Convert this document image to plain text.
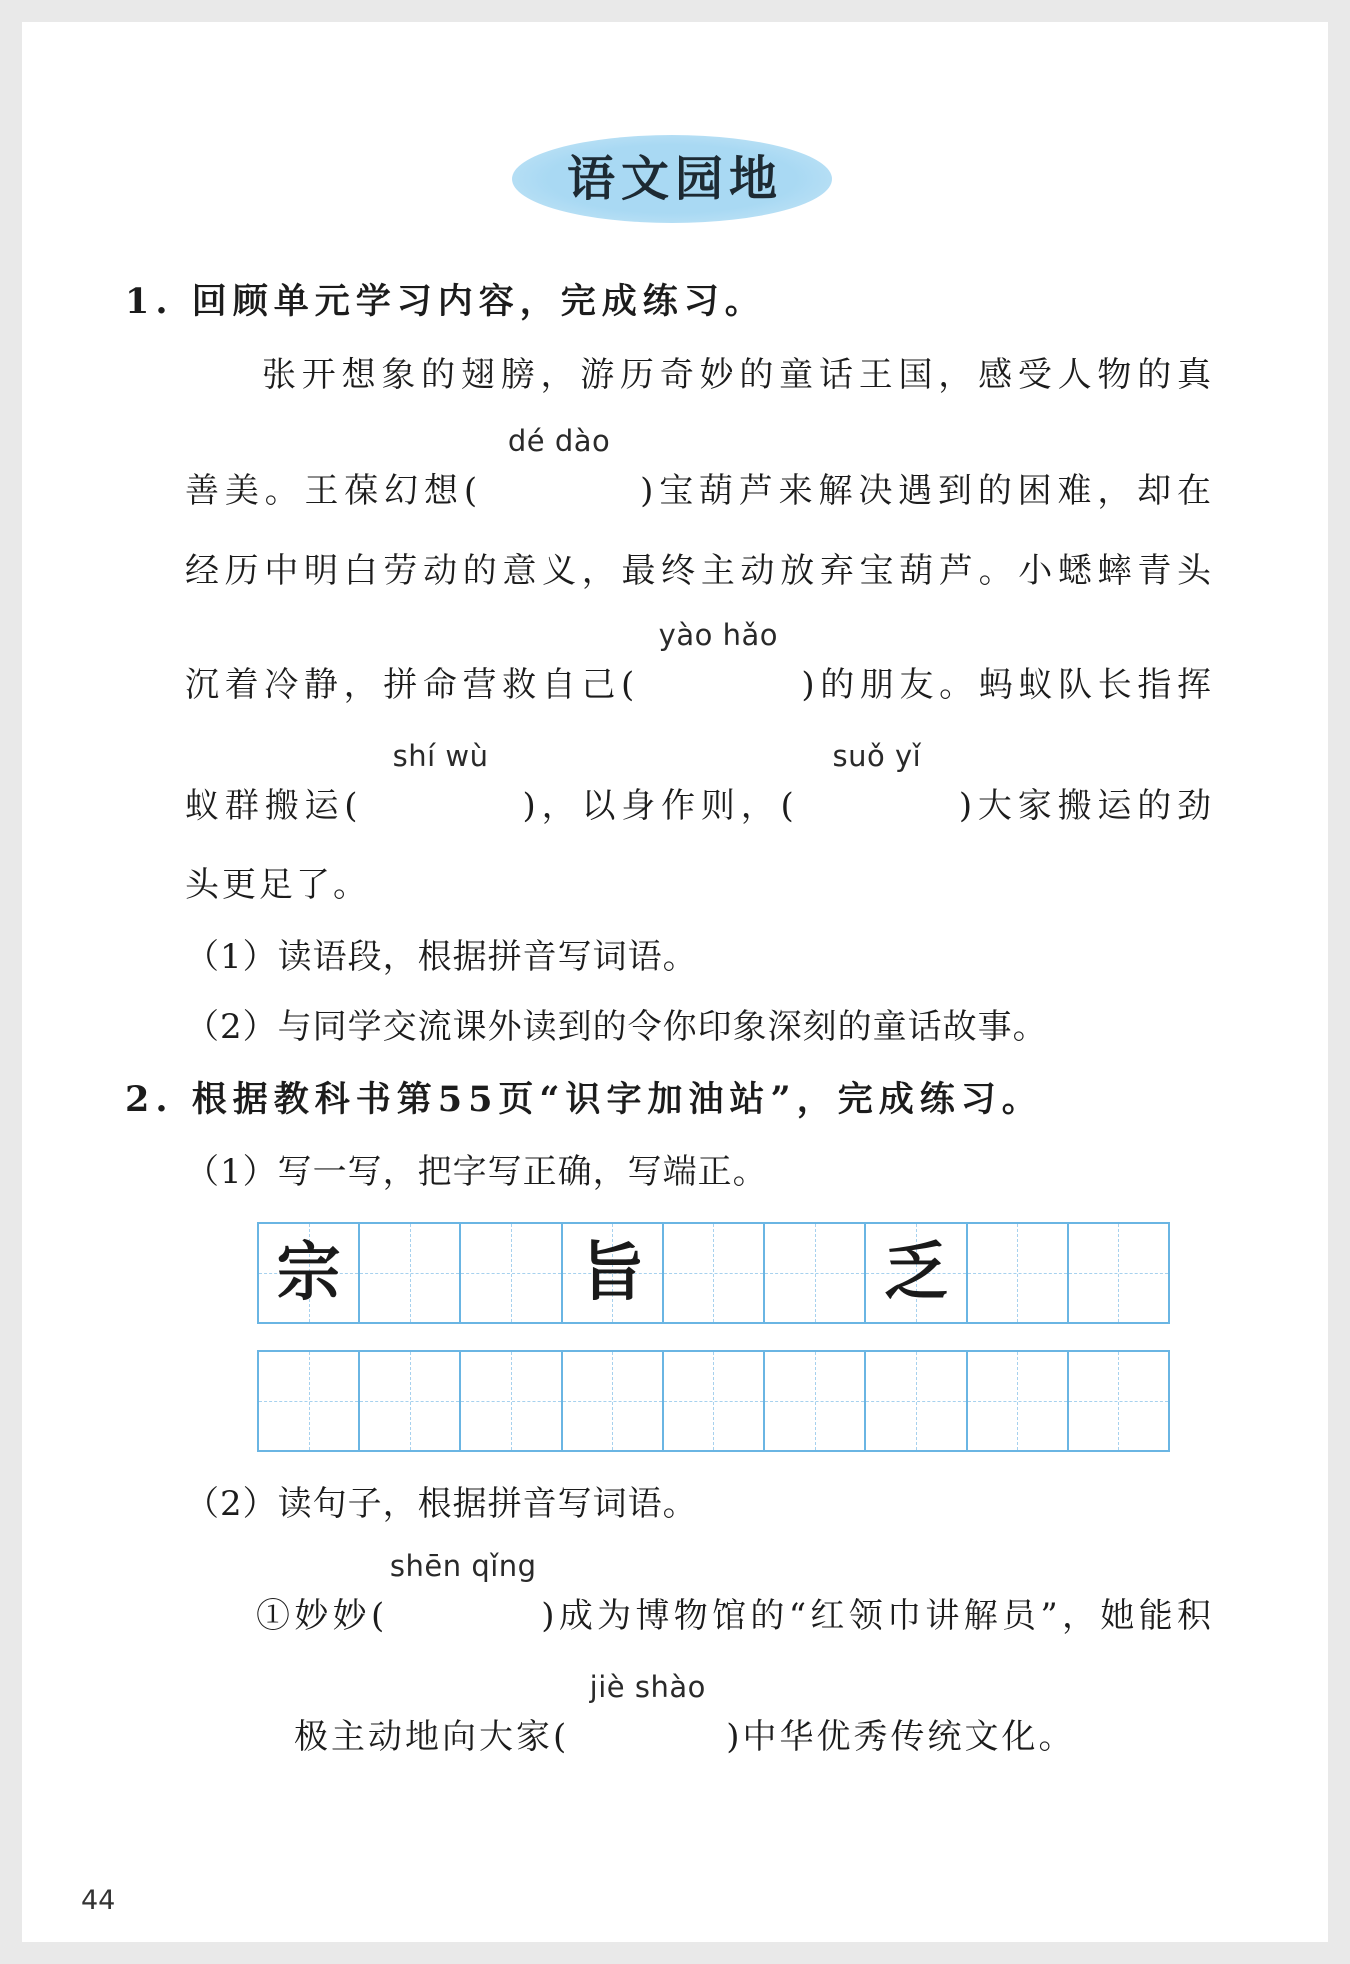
语文园地
1. 回顾单元学习内容，完成练习。
张开想象的翅膀，游历奇妙的童话王国，感受人物的真
善美。王葆幻想(
dé dào
)宝葫芦来解决遇到的困难，却在
经历中明白劳动的意义，最终主动放弃宝葫芦。小蟋蟀青头
沉着冷静，拼命营救自己(
yào hǎo
)的朋友。蚂蚁队长指挥
蚁群搬运(
shí wù
)，以身作则，(
suǒ yǐ
)大家搬运的劲
头更足了。
（1）读语段，根据拼音写词语。
（2）与同学交流课外读到的令你印象深刻的童话故事。
2. 根据教科书第55页“识字加油站”，完成练习。
（1）写一写，把字写正确，写端正。
宗	旨	乏
（2）读句子，根据拼音写词语。
①妙妙(
shēn qǐng
)成为博物馆的“红领巾讲解员”，她能积
极主动地向大家(
jiè shào
)中华优秀传统文化。
44
